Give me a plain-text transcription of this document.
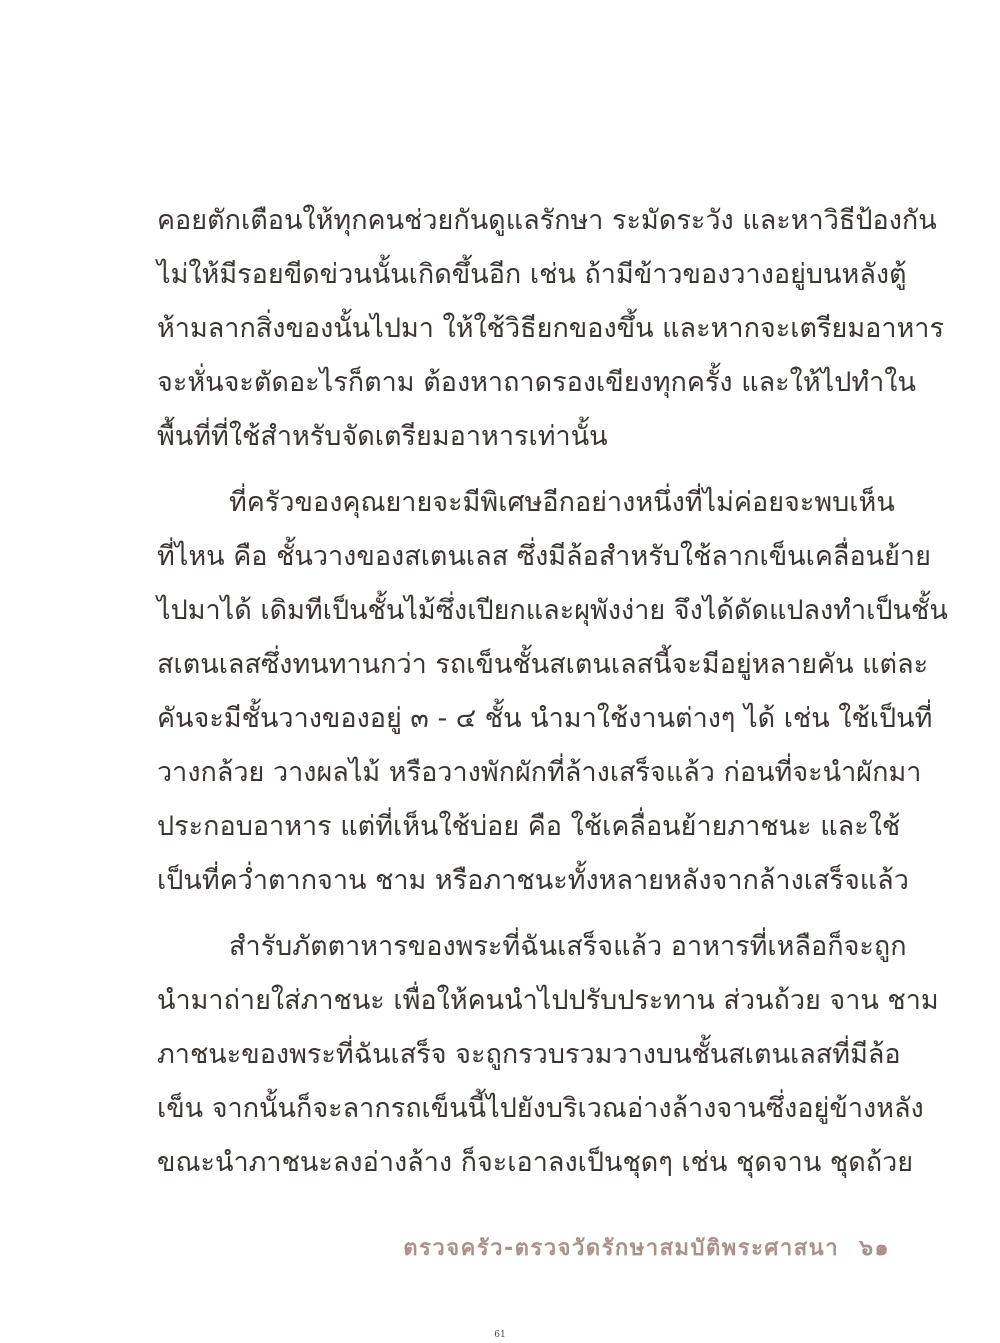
คอยตักเตือนให้ทุกคนช่วยกันดูแลรักษา ระมัดระวัง และหาวิธีป้องกัน
ไม่ให้มีรอยขีดข่วนนั้นเกิดขึ้นอีก เช่น ถ้ามีข้าวของวางอยู่บนหลังตู้
ห้ามลากสิ่งของนั้นไปมา ให้ใช้วิธียกของขึ้น และหากจะเตรียมอาหาร
จะหั่นจะตัดอะไรก็ตาม ต้องหาถาดรองเขียงทุกครั้ง และให้ไปทำใน
พื้นที่ที่ใช้สำหรับจัดเตรียมอาหารเท่านั้น

ที่ครัวของคุณยายจะมีพิเศษอีกอย่างหนึ่งที่ไม่ค่อยจะพบเห็น
ที่ไหน คือ ชั้นวางของสเตนเลส ซึ่งมีล้อสำหรับใช้ลากเข็นเคลื่อนย้าย
ไปมาได้ เดิมทีเป็นชั้นไม้ซึ่งเปียกและผุพังง่าย จึงได้ดัดแปลงทำเป็นชั้น
สเตนเลสซึ่งทนทานกว่า รถเข็นชั้นสเตนเลสนี้จะมีอยู่หลายคัน แต่ละ
คันจะมีชั้นวางของอยู่ ๓ - ๔ ชั้น นำมาใช้งานต่างๆ ได้ เช่น ใช้เป็นที่
วางกล้วย วางผลไม้ หรือวางพักผักที่ล้างเสร็จแล้ว ก่อนที่จะนำผักมา
ประกอบอาหาร แต่ที่เห็นใช้บ่อย คือ ใช้เคลื่อนย้ายภาชนะ และใช้
เป็นที่คว่ำตากจาน ชาม หรือภาชนะทั้งหลายหลังจากล้างเสร็จแล้ว

สำรับภัตตาหารของพระที่ฉันเสร็จแล้ว อาหารที่เหลือก็จะถูก
นำมาถ่ายใส่ภาชนะ เพื่อให้คนนำไปปรับประทาน ส่วนถ้วย จาน ชาม
ภาชนะของพระที่ฉันเสร็จ จะถูกรวบรวมวางบนชั้นสเตนเลสที่มีล้อ
เข็น จากนั้นก็จะลากรถเข็นนี้ไปยังบริเวณอ่างล้างจานซึ่งอยู่ข้างหลัง
ขณะนำภาชนะลงอ่างล้าง ก็จะเอาลงเป็นชุดๆ เช่น ชุดจาน ชุดถ้วย

ตรวจครัว-ตรวจวัดรักษาสมบัติพระศาสนา ๖๑
61
